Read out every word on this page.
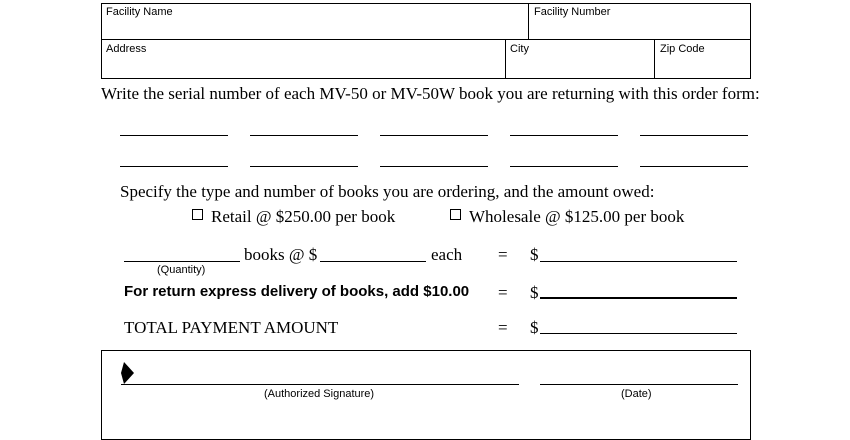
Facility Name	Facility Number
Address	City	Zip Code
Write the serial number of each MV-50 or MV-50W book you are returning with this order form:
Specify the type and number of books you are ordering, and the amount owed:
Retail @ $250.00 per book	Wholesale @ $125.00 per book
(Quantity)
books @ $	each = $
For return express delivery of books, add $10.00 = $
TOTAL PAYMENT AMOUNT	= $
(Authorized Signature)	(Date)
